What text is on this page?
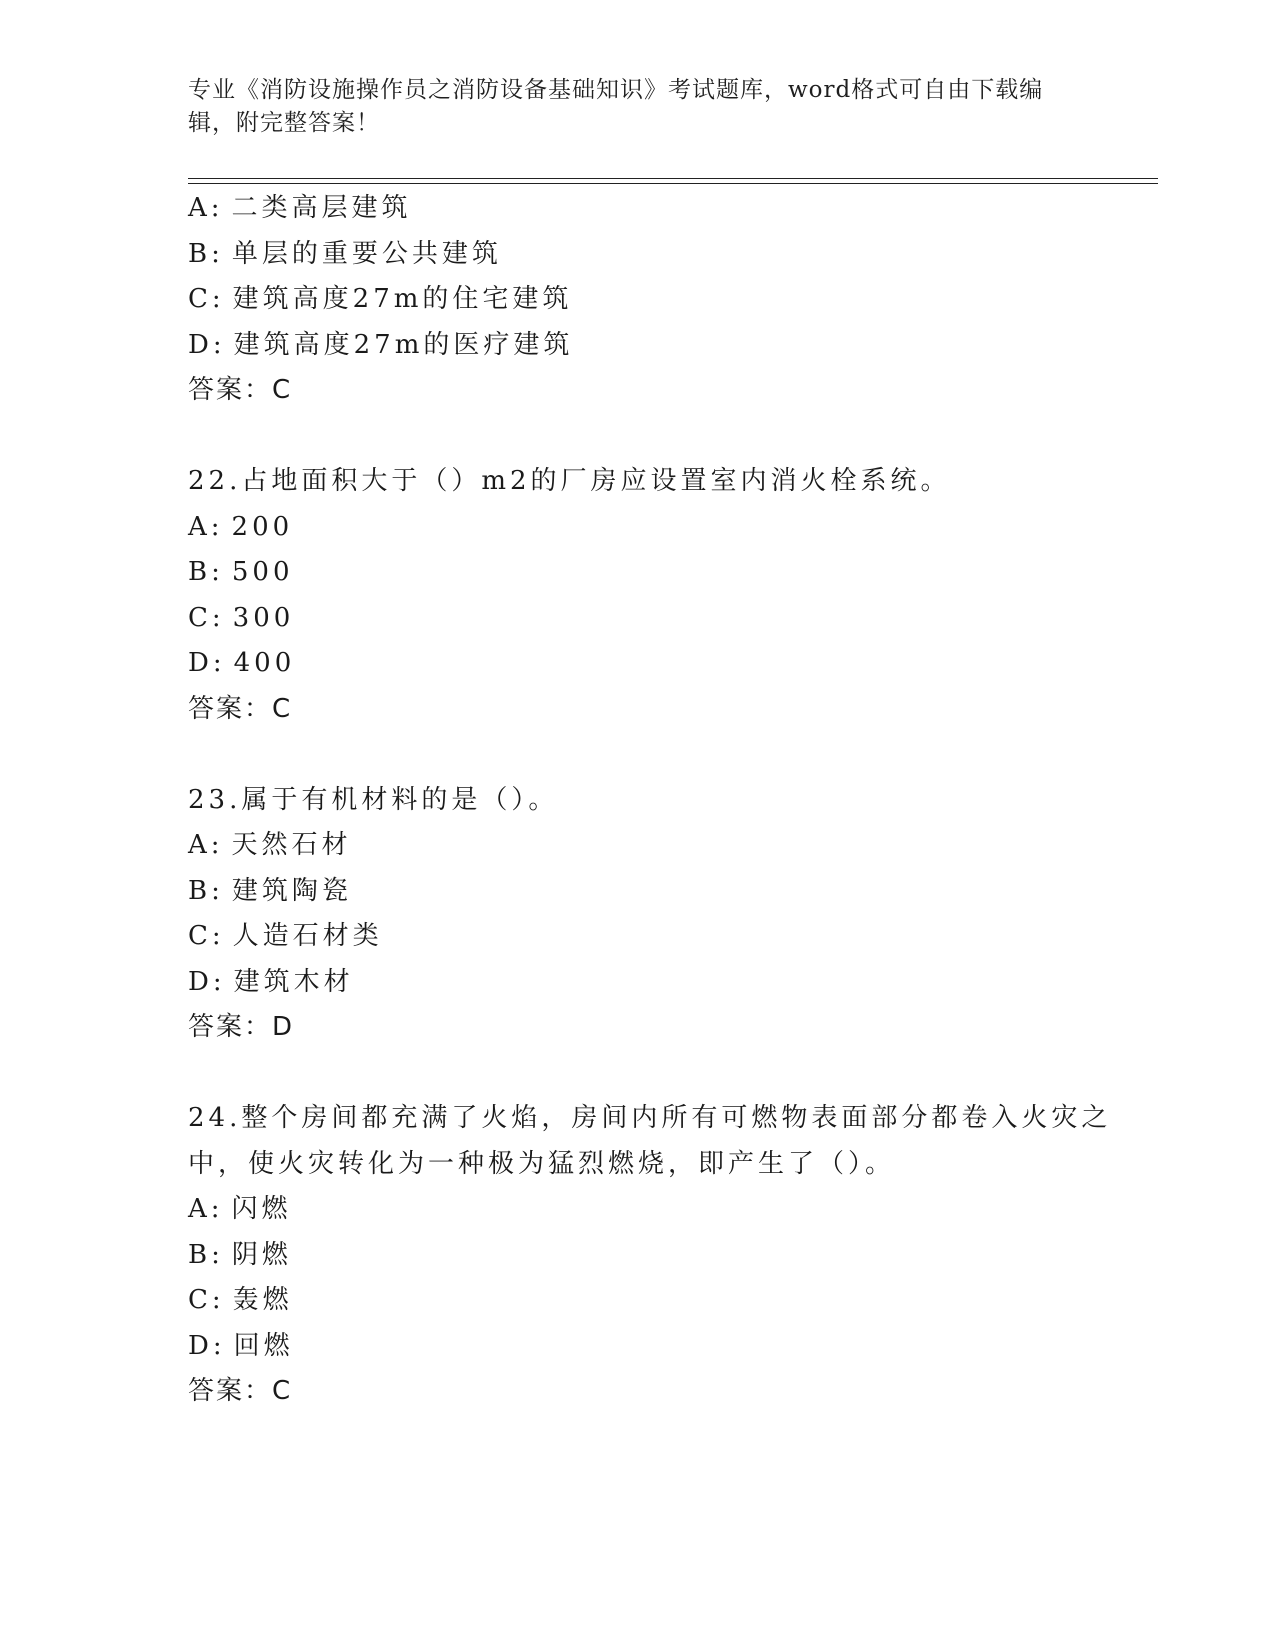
专业《消防设施操作员之消防设备基础知识》考试题库，word格式可自由下载编辑，附完整答案！
A: 二类高层建筑
B: 单层的重要公共建筑
C: 建筑高度27m的住宅建筑
D: 建筑高度27m的医疗建筑
答案：C
22.占地面积大于（）m2的厂房应设置室内消火栓系统。
A: 200
B: 500
C: 300
D: 400
答案：C
23.属于有机材料的是（）。
A: 天然石材
B: 建筑陶瓷
C: 人造石材类
D: 建筑木材
答案：D
24.整个房间都充满了火焰，房间内所有可燃物表面部分都卷入火灾之
中，使火灾转化为一种极为猛烈燃烧，即产生了（）。
A: 闪燃
B: 阴燃
C: 轰燃
D: 回燃
答案：C
